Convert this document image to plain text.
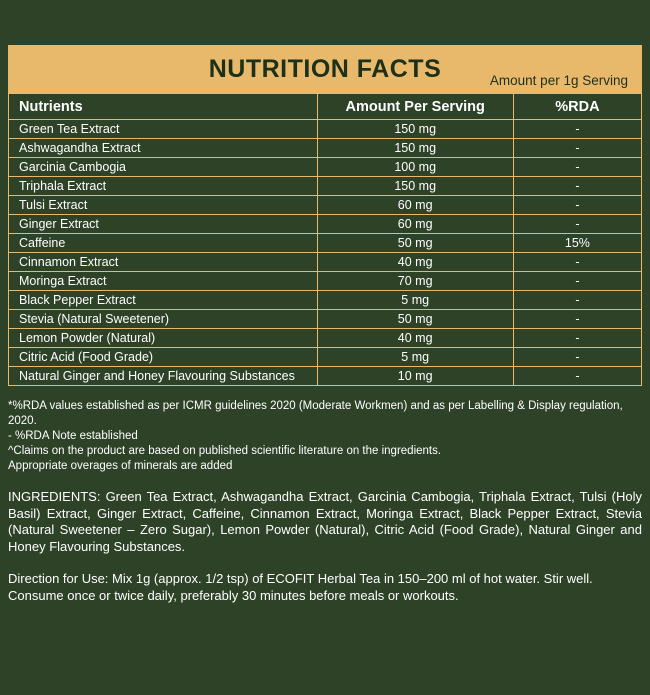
NUTRITION FACTS	Amount per 1g Serving
Nutrients	Amount Per Serving	%RDA
Green Tea Extract	150 mg	-
Ashwagandha Extract	150 mg	-
Garcinia Cambogia	100 mg	-
Triphala Extract	150 mg	-
Tulsi Extract	60 mg	-
Ginger Extract	60 mg	-
Caffeine	50 mg	15%
Cinnamon Extract	40 mg	-
Moringa Extract	70 mg	-
Black Pepper Extract	5 mg	-
Stevia (Natural Sweetener)	50 mg	-
Lemon Powder (Natural)	40 mg	-
Citric Acid (Food Grade)	5 mg	-
Natural Ginger and Honey Flavouring Substances	10 mg	-
*%RDA values established as per ICMR guidelines 2020 (Moderate Workmen) and as per Labelling & Display regulation, 2020.
- %RDA Note established
^Claims on the product are based on published scientific literature on the ingredients.
Appropriate overages of minerals are added
INGREDIENTS: Green Tea Extract, Ashwagandha Extract, Garcinia Cambogia, Triphala Extract, Tulsi (Holy Basil) Extract, Ginger Extract, Caffeine, Cinnamon Extract, Moringa Extract, Black Pepper Extract, Stevia (Natural Sweetener – Zero Sugar), Lemon Powder (Natural), Citric Acid (Food Grade), Natural Ginger and Honey Flavouring Substances.
Direction for Use: Mix 1g (approx. 1/2 tsp) of ECOFIT Herbal Tea in 150–200 ml of hot water. Stir well. Consume once or twice daily, preferably 30 minutes before meals or workouts.
